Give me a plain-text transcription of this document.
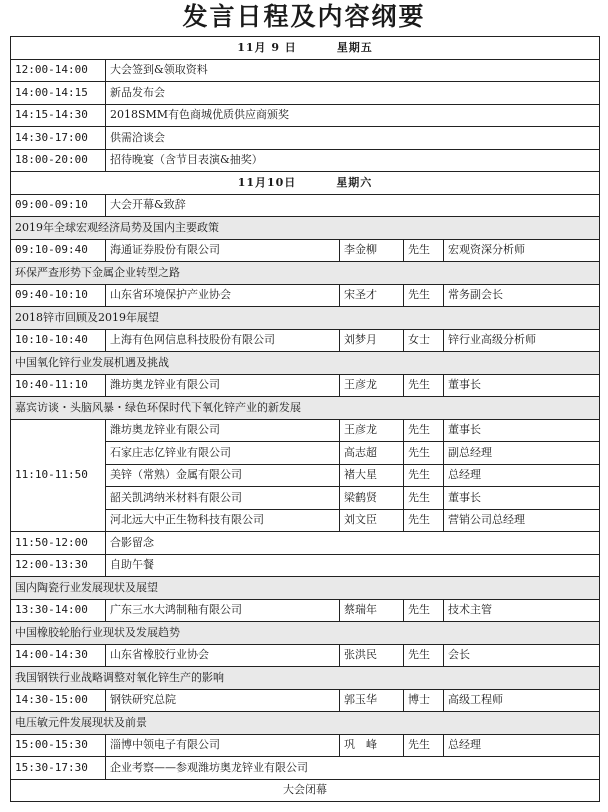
发言日程及内容纲要
11月 9 日 星期五				
12:00-14:00	大会签到&领取资料			
14:00-14:15	新品发布会			
14:15-14:30	2018SMM有色商城优质供应商颁奖			
14:30-17:00	供需洽谈会			
18:00-20:00	招待晚宴（含节目表演&抽奖）			
11月10日 星期六				
09:00-09:10	大会开幕&致辞			
2019年全球宏观经济局势及国内主要政策				
09:10-09:40	海通证券股份有限公司	李金柳	先生	宏观资深分析师
环保严查形势下金属企业转型之路				
09:40-10:10	山东省环境保护产业协会	宋圣才	先生	常务副会长
2018锌市回顾及2019年展望				
10:10-10:40	上海有色网信息科技股份有限公司	刘梦月	女士	锌行业高级分析师
中国氧化锌行业发展机遇及挑战				
10:40-11:10	潍坊奥龙锌业有限公司	王彦龙	先生	董事长
嘉宾访谈・头脑风暴・绿色环保时代下氧化锌产业的新发展				
11:10-11:50	潍坊奥龙锌业有限公司	王彦龙	先生	董事长
	石家庄志亿锌业有限公司	高志超	先生	副总经理
	美锌（常熟）金属有限公司	褚大星	先生	总经理
	韶关凯鸿纳米材料有限公司	梁鹤贤	先生	董事长
	河北远大中正生物科技有限公司	刘文臣	先生	营销公司总经理
11:50-12:00	合影留念			
12:00-13:30	自助午餐			
国内陶瓷行业发展现状及展望				
13:30-14:00	广东三水大鸿制釉有限公司	蔡瑞年	先生	技术主管
中国橡胶轮胎行业现状及发展趋势				
14:00-14:30	山东省橡胶行业协会	张洪民	先生	会长
我国钢铁行业战略调整对氧化锌生产的影响				
14:30-15:00	钢铁研究总院	郭玉华	博士	高级工程师
电压敏元件发展现状及前景				
15:00-15:30	淄博中领电子有限公司	巩　峰	先生	总经理
15:30-17:30	企业考察——参观潍坊奥龙锌业有限公司			
大会闭幕				
